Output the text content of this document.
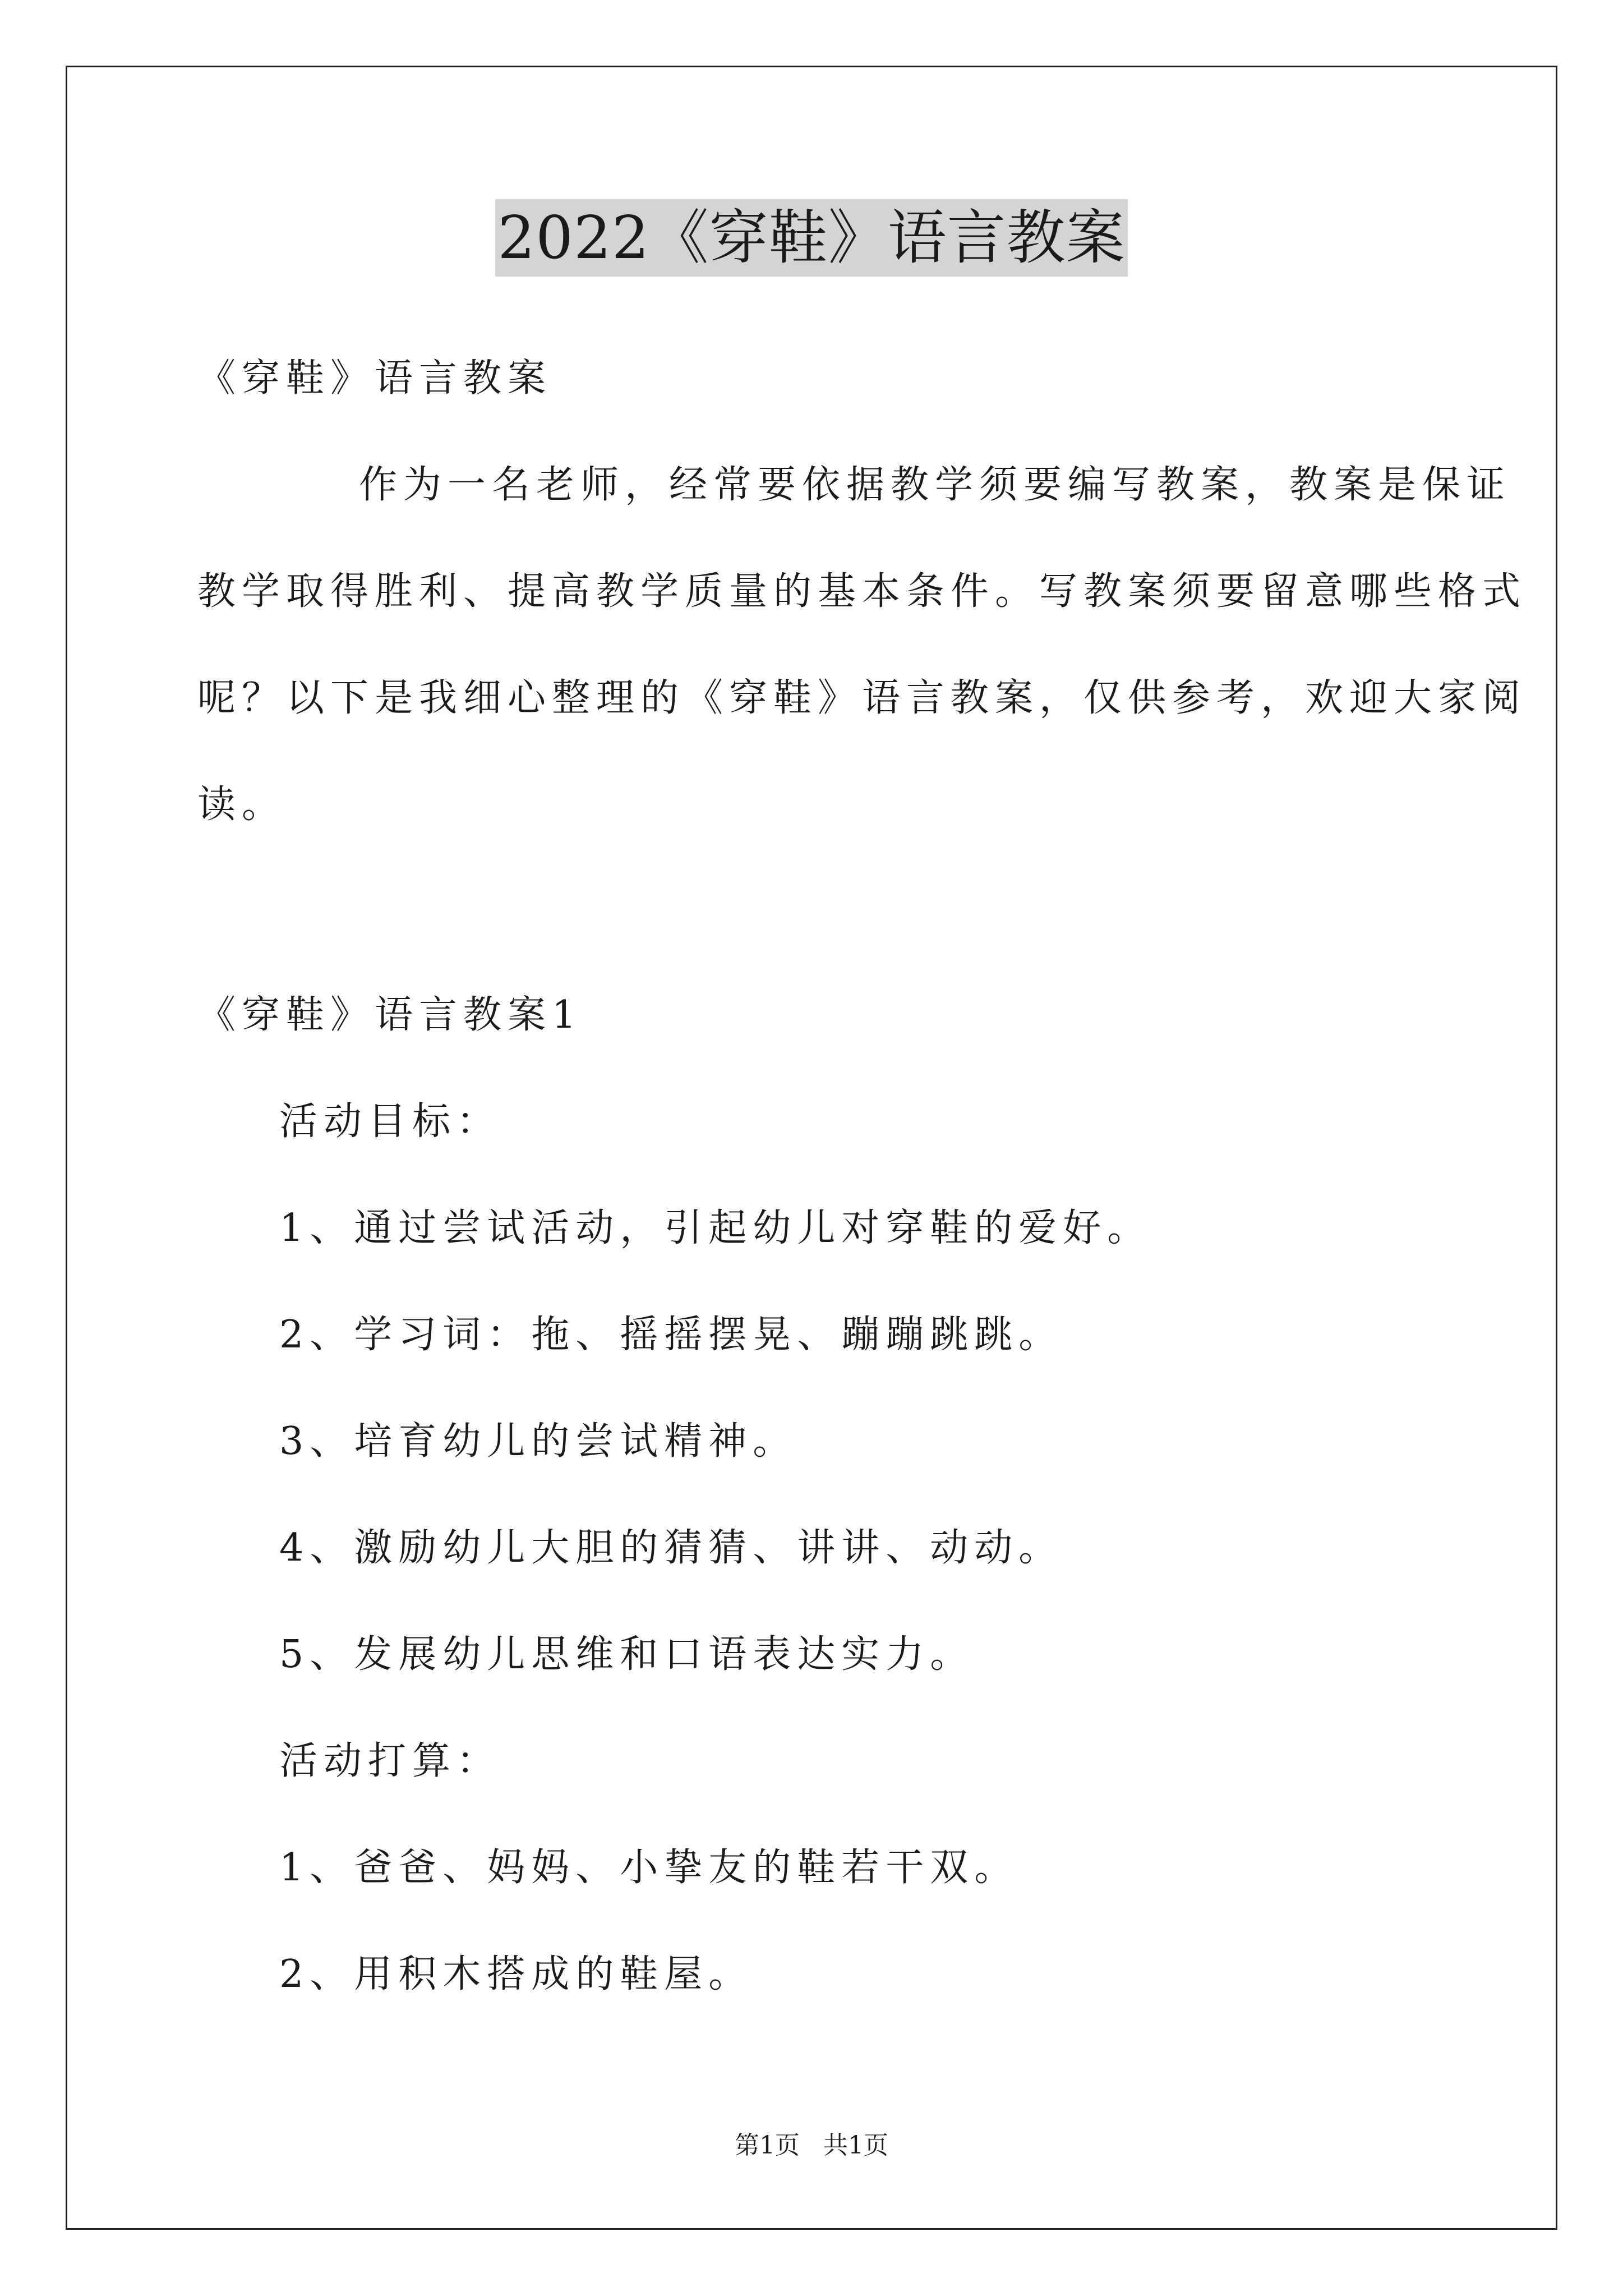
2022《穿鞋》语言教案
《穿鞋》语言教案
作为一名老师，经常要依据教学须要编写教案，教案是保证
教学取得胜利、提高教学质量的基本条件。写教案须要留意哪些格式
呢？以下是我细心整理的《穿鞋》语言教案，仅供参考，欢迎大家阅
读。
《穿鞋》语言教案1
活动目标：
1、通过尝试活动，引起幼儿对穿鞋的爱好。
2、学习词：拖、摇摇摆晃、蹦蹦跳跳。
3、培育幼儿的尝试精神。
4、激励幼儿大胆的猜猜、讲讲、动动。
5、发展幼儿思维和口语表达实力。
活动打算：
1、爸爸、妈妈、小挚友的鞋若干双。
2、用积木搭成的鞋屋。
第1页   共1页
